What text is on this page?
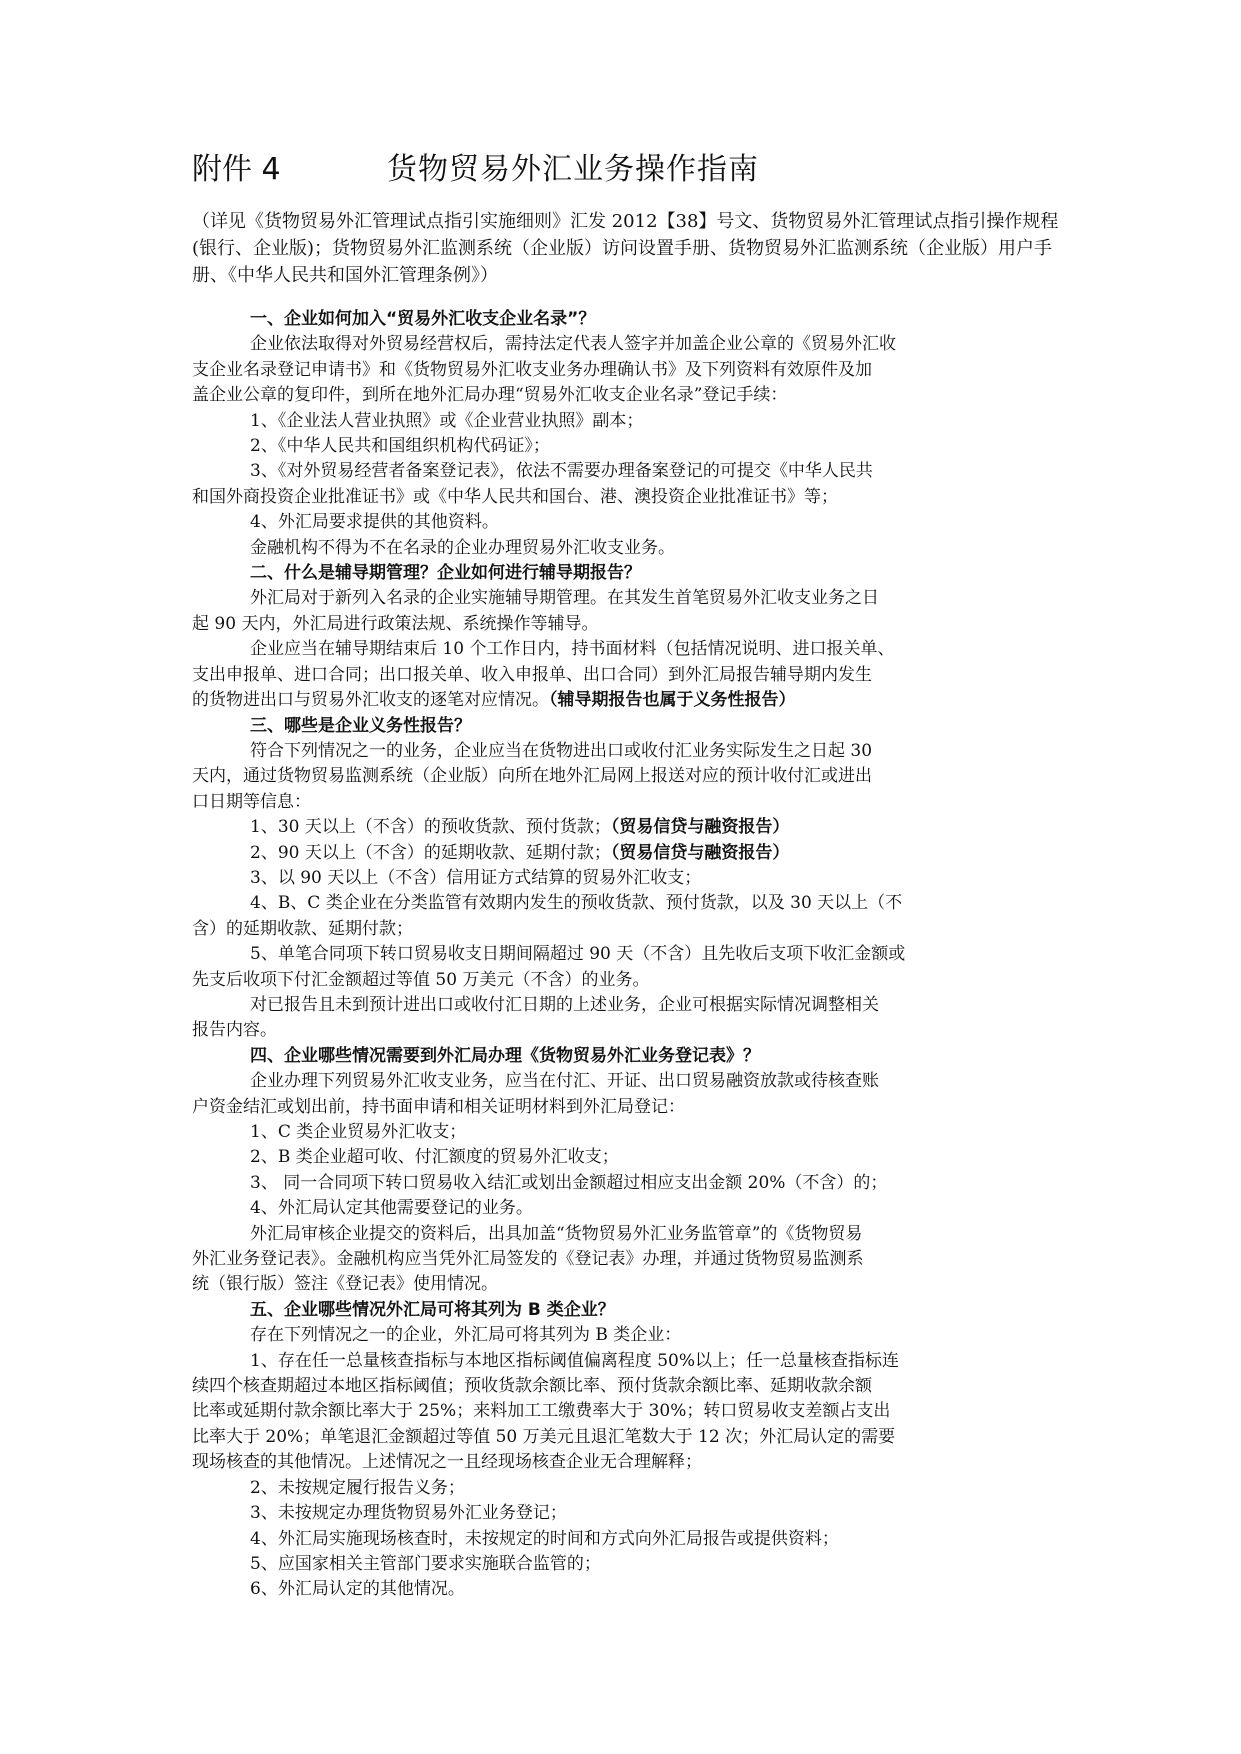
附件 4	货物贸易外汇业务操作指南

（详见《货物贸易外汇管理试点指引实施细则》汇发 2012【38】号文、货物贸易外汇管理试点指引操作规程(银行、企业版)；货物贸易外汇监测系统（企业版）访问设置手册、货物贸易外汇监测系统（企业版）用户手册、《中华人民共和国外汇管理条例》）

一、企业如何加入“贸易外汇收支企业名录”？

企业依法取得对外贸易经营权后，需持法定代表人签字并加盖企业公章的《贸易外汇收

支企业名录登记申请书》和《货物贸易外汇收支业务办理确认书》及下列资料有效原件及加

盖企业公章的复印件，到所在地外汇局办理“贸易外汇收支企业名录”登记手续：

1、《企业法人营业执照》或《企业营业执照》副本；

2、《中华人民共和国组织机构代码证》；

3、《对外贸易经营者备案登记表》，依法不需要办理备案登记的可提交《中华人民共

和国外商投资企业批准证书》或《中华人民共和国台、港、澳投资企业批准证书》等；

4、外汇局要求提供的其他资料。

金融机构不得为不在名录的企业办理贸易外汇收支业务。

二、什么是辅导期管理？企业如何进行辅导期报告？

外汇局对于新列入名录的企业实施辅导期管理。在其发生首笔贸易外汇收支业务之日

起 90 天内，外汇局进行政策法规、系统操作等辅导。

企业应当在辅导期结束后 10 个工作日内，持书面材料（包括情况说明、进口报关单、

支出申报单、进口合同；出口报关单、收入申报单、出口合同）到外汇局报告辅导期内发生

的货物进出口与贸易外汇收支的逐笔对应情况。（辅导期报告也属于义务性报告）

三、哪些是企业义务性报告？

符合下列情况之一的业务，企业应当在货物进出口或收付汇业务实际发生之日起 30

天内，通过货物贸易监测系统（企业版）向所在地外汇局网上报送对应的预计收付汇或进出

口日期等信息：

1、30 天以上（不含）的预收货款、预付货款；（贸易信贷与融资报告）

2、90 天以上（不含）的延期收款、延期付款；（贸易信贷与融资报告）

3、以 90 天以上（不含）信用证方式结算的贸易外汇收支；

4、B、C 类企业在分类监管有效期内发生的预收货款、预付货款，以及 30 天以上（不

含）的延期收款、延期付款；

5、单笔合同项下转口贸易收支日期间隔超过 90 天（不含）且先收后支项下收汇金额或

先支后收项下付汇金额超过等值 50 万美元（不含）的业务。

对已报告且未到预计进出口或收付汇日期的上述业务，企业可根据实际情况调整相关

报告内容。

四、企业哪些情况需要到外汇局办理《货物贸易外汇业务登记表》？

企业办理下列贸易外汇收支业务，应当在付汇、开证、出口贸易融资放款或待核查账

户资金结汇或划出前，持书面申请和相关证明材料到外汇局登记：

1、C 类企业贸易外汇收支；

2、B 类企业超可收、付汇额度的贸易外汇收支；

3、 同一合同项下转口贸易收入结汇或划出金额超过相应支出金额 20%（不含）的；

4、外汇局认定其他需要登记的业务。

外汇局审核企业提交的资料后，出具加盖“货物贸易外汇业务监管章”的《货物贸易

外汇业务登记表》。金融机构应当凭外汇局签发的《登记表》办理，并通过货物贸易监测系

统（银行版）签注《登记表》使用情况。

五、企业哪些情况外汇局可将其列为 B 类企业？

存在下列情况之一的企业，外汇局可将其列为 B 类企业：

1、存在任一总量核查指标与本地区指标阈值偏离程度 50%以上；任一总量核查指标连

续四个核查期超过本地区指标阈值；预收货款余额比率、预付货款余额比率、延期收款余额

比率或延期付款余额比率大于 25%；来料加工工缴费率大于 30%；转口贸易收支差额占支出

比率大于 20%；单笔退汇金额超过等值 50 万美元且退汇笔数大于 12 次；外汇局认定的需要

现场核查的其他情况。上述情况之一且经现场核查企业无合理解释；

2、未按规定履行报告义务；

3、未按规定办理货物贸易外汇业务登记；

4、外汇局实施现场核查时，未按规定的时间和方式向外汇局报告或提供资料；

5、应国家相关主管部门要求实施联合监管的；

6、外汇局认定的其他情况。
